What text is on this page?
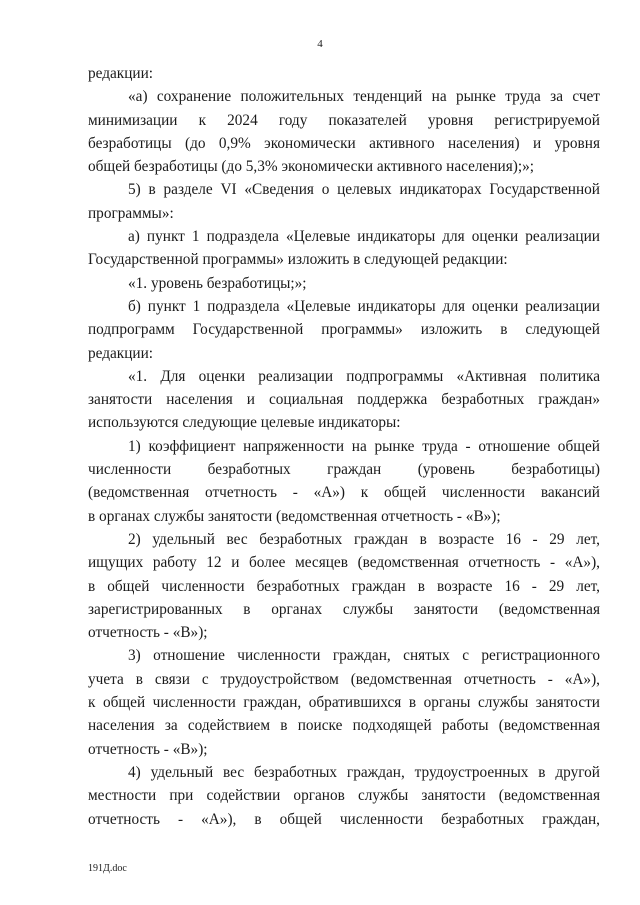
4
редакции:
«а) сохранение положительных тенденций на рынке труда за счет
минимизации к 2024 году показателей уровня регистрируемой
безработицы (до 0,9% экономически активного населения) и уровня
общей безработицы (до 5,3% экономически активного населения);»;
5) в разделе VI «Сведения о целевых индикаторах Государственной
программы»:
а) пункт 1 подраздела «Целевые индикаторы для оценки реализации
Государственной программы» изложить в следующей редакции:
«1. уровень безработицы;»;
б) пункт 1 подраздела «Целевые индикаторы для оценки реализации
подпрограмм Государственной программы» изложить в следующей
редакции:
«1. Для оценки реализации подпрограммы «Активная политика
занятости населения и социальная поддержка безработных граждан»
используются следующие целевые индикаторы:
1) коэффициент напряженности на рынке труда - отношение общей
численности безработных граждан (уровень безработицы)
(ведомственная отчетность - «А») к общей численности вакансий
в органах службы занятости (ведомственная отчетность - «В»);
2) удельный вес безработных граждан в возрасте 16 - 29 лет,
ищущих работу 12 и более месяцев (ведомственная отчетность - «А»),
в общей численности безработных граждан в возрасте 16 - 29 лет,
зарегистрированных в органах службы занятости (ведомственная
отчетность - «В»);
3) отношение численности граждан, снятых с регистрационного
учета в связи с трудоустройством (ведомственная отчетность - «А»),
к общей численности граждан, обратившихся в органы службы занятости
населения за содействием в поиске подходящей работы (ведомственная
отчетность - «В»);
4) удельный вес безработных граждан, трудоустроенных в другой
местности при содействии органов службы занятости (ведомственная
отчетность - «А»), в общей численности безработных граждан,
191Д.doc
